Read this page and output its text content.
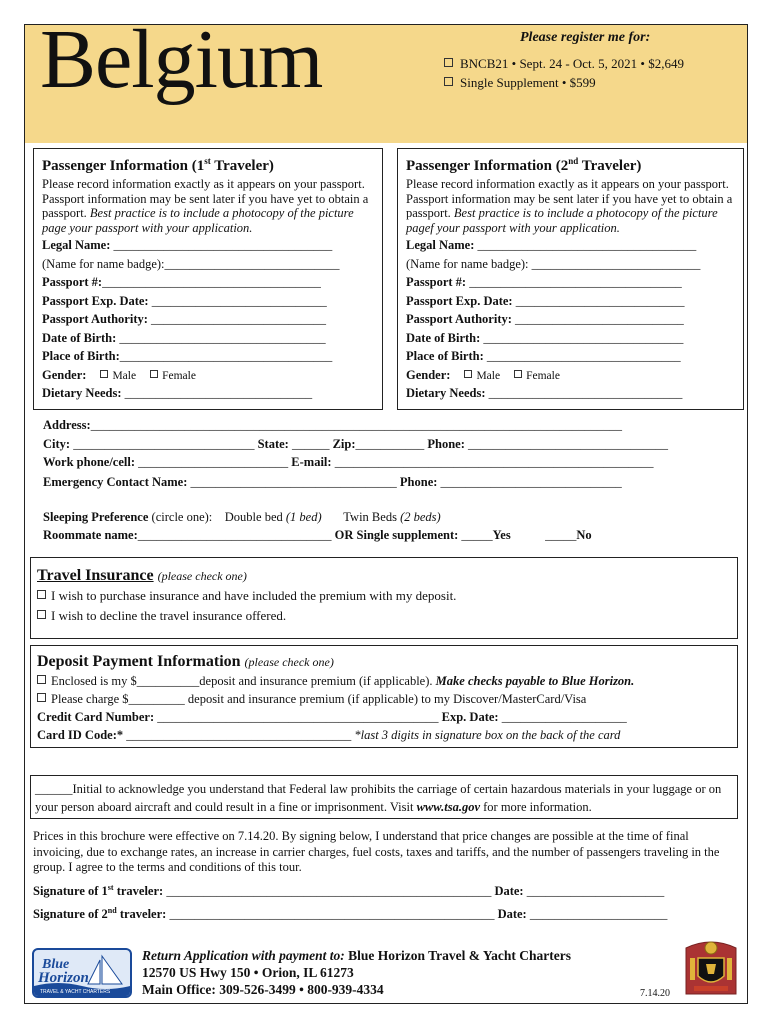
Belgium	Please register me for:
BNCB21 • Sept. 24 - Oct. 5, 2021 • $2,649
Single Supplement • $599
Passenger Information (1st Traveler)
Please record information exactly as it appears on your passport. Passport information may be sent later if you have yet to obtain a passport. Best practice is to include a photocopy of the picture page your passport with your application.
Legal Name: ___________________________________
(Name for name badge):____________________________
Passport #:___________________________________
Passport Exp. Date: ____________________________
Passport Authority: ____________________________
Date of Birth: _________________________________
Place of Birth:__________________________________
Gender: Male Female
Dietary Needs: ______________________________
Passenger Information (2nd Traveler)
Please record information exactly as it appears on your passport. Passport information may be sent later if you have yet to obtain a passport. Best practice is to include a photocopy of the picture pagef your passport with your application.
Legal Name: ___________________________________
(Name for name badge): ___________________________
Passport #: __________________________________
Passport Exp. Date: ___________________________
Passport Authority: ___________________________
Date of Birth: ________________________________
Place of Birth: _______________________________
Gender: Male Female
Dietary Needs: _______________________________
Address:_____________________________________________________________________________________
City: _____________________________ State: ______ Zip:___________ Phone: ________________________________
Work phone/cell: ________________________ E-mail: ___________________________________________________
Emergency Contact Name: _________________________________ Phone: _____________________________
Sleeping Preference (circle one): Double bed (1 bed) Twin Beds (2 beds)
Roommate name:_______________________________ OR Single supplement: _____Yes           _____No
Travel Insurance (please check one)
I wish to purchase insurance and have included the premium with my deposit.
I wish to decline the travel insurance offered.
Deposit Payment Information (please check one)
Enclosed is my $__________deposit and insurance premium (if applicable). Make checks payable to Blue Horizon.
Please charge $_________ deposit and insurance premium (if applicable) to my Discover/MasterCard/Visa
Credit Card Number: _____________________________________________ Exp. Date: ____________________
Card ID Code:* ____________________________________ *last 3 digits in signature box on the back of the card
______Initial to acknowledge you understand that Federal law prohibits the carriage of certain hazardous materials in your luggage or on your person aboard aircraft and could result in a fine or imprisonment. Visit www.tsa.gov for more information.
Prices in this brochure were effective on 7.14.20. By signing below, I understand that price changes are possible at the time of final invoicing, due to exchange rates, an increase in carrier charges, fuel costs, taxes and tariffs, and the number of passengers traveling in the group. I agree to the terms and conditions of this tour.
Signature of 1st traveler: ____________________________________________________ Date: ______________________
Signature of 2nd traveler: ____________________________________________________ Date: ______________________
Blue
Horizon
TRAVEL & YACHT CHARTERS
Return Application with payment to: Blue Horizon Travel & Yacht Charters
12570 US Hwy 150 • Orion, IL 61273
Main Office: 309-526-3499 • 800-939-4334	7.14.20
